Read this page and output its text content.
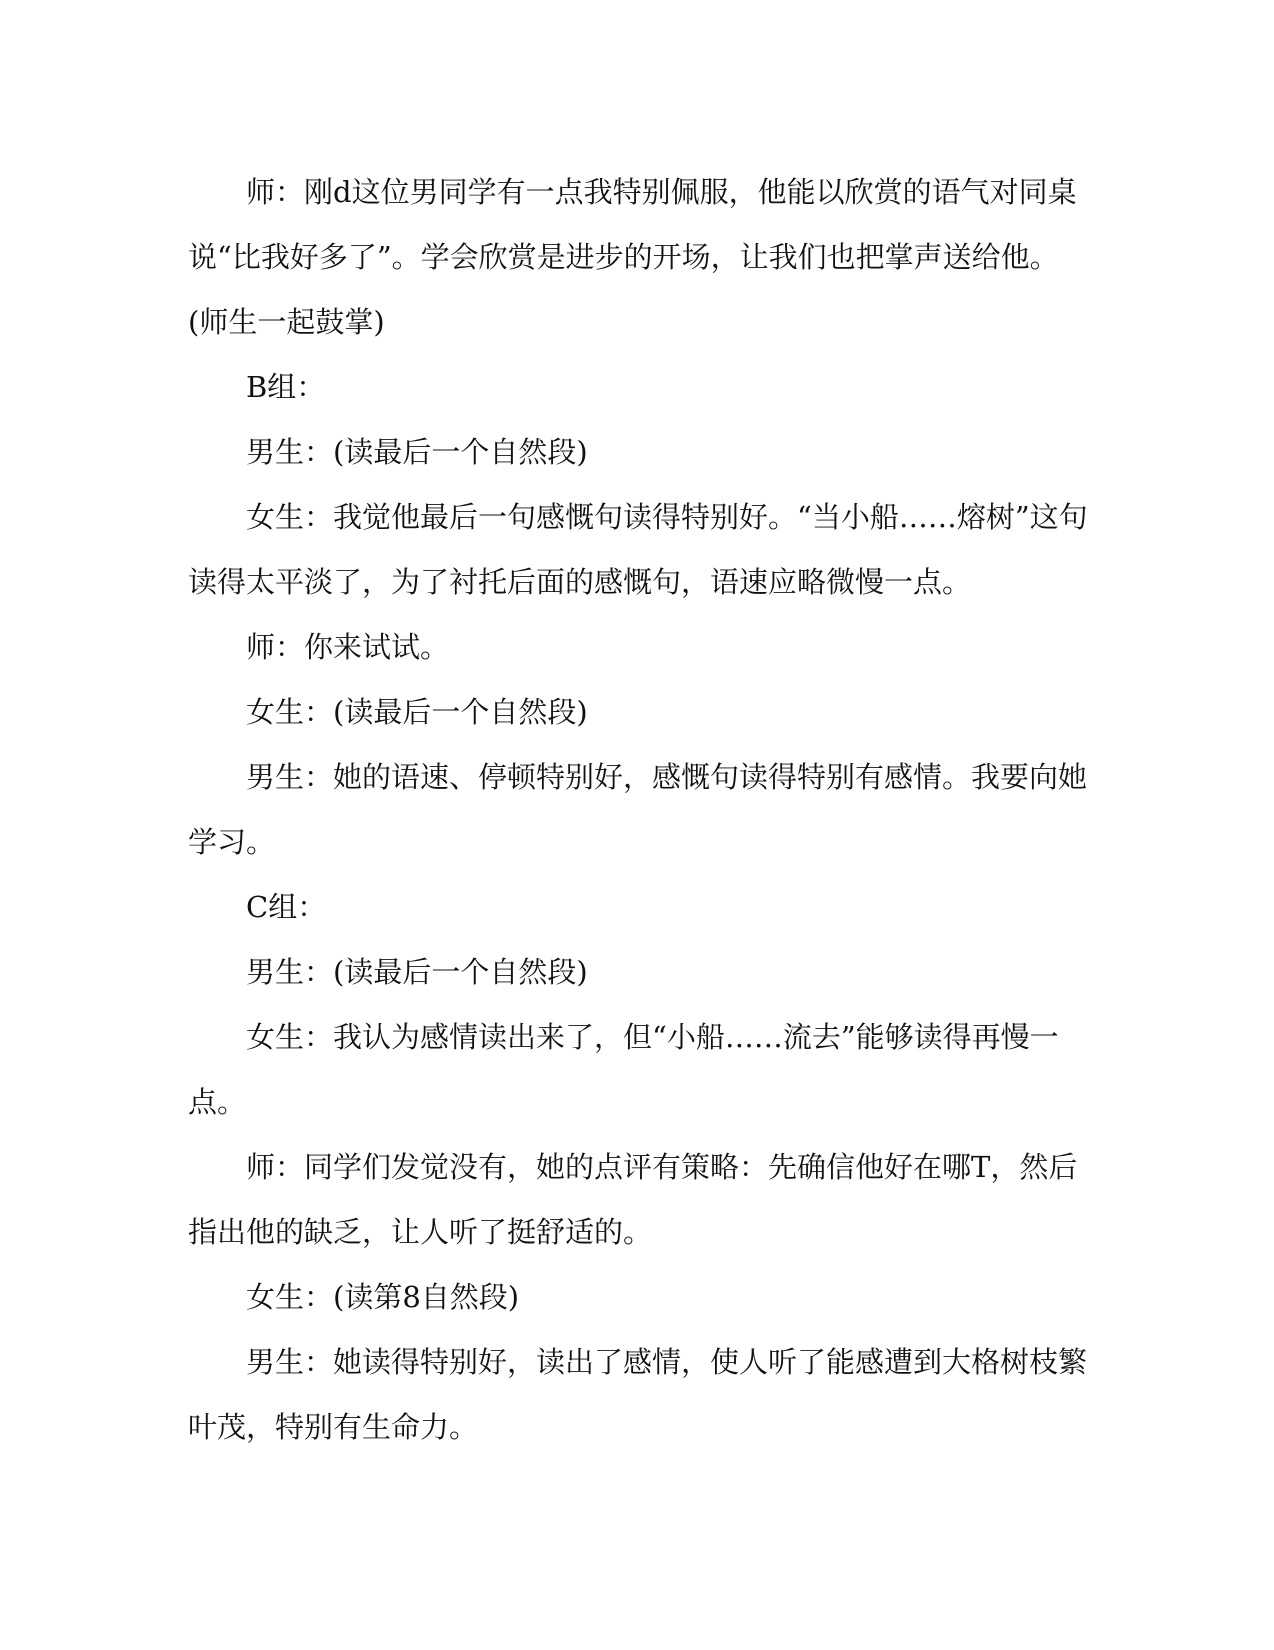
师：刚d这位男同学有一点我特别佩服，他能以欣赏的语气对同桌说“比我好多了”。学会欣赏是进步的开场，让我们也把掌声送给他。(师生一起鼓掌)

B组：

男生：(读最后一个自然段)

女生：我觉他最后一句感慨句读得特别好。“当小船……熔树”这句读得太平淡了，为了衬托后面的感慨句，语速应略微慢一点。

师：你来试试。

女生：(读最后一个自然段)

男生：她的语速、停顿特别好，感慨句读得特别有感情。我要向她学习。

C组：

男生：(读最后一个自然段)

女生：我认为感情读出来了，但“小船……流去”能够读得再慢一点。

师：同学们发觉没有，她的点评有策略：先确信他好在哪T，然后指出他的缺乏，让人听了挺舒适的。

女生：(读第8自然段)

男生：她读得特别好，读出了感情，使人听了能感遭到大格树枝繁叶茂，特别有生命力。
